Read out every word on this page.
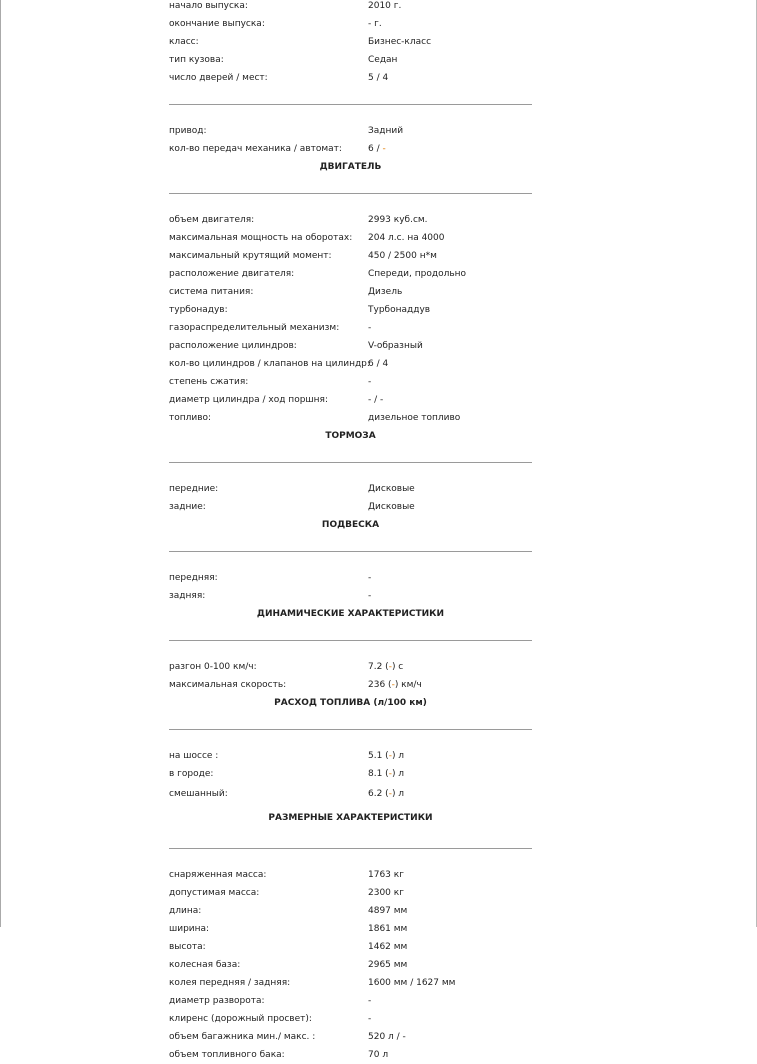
начало выпуска:	2010 г.
окончание выпуска:	- г.
класс:	Бизнес-класс
тип кузова:	Седан
число дверей / мест:	5 / 4

привод:	Задний
кол-во передач механика / автомат:	6 / -
ДВИГАТЕЛЬ	

объем двигателя:	2993 куб.см.
максимальная мощность на оборотах:	204 л.с. на 4000
максимальный крутящий момент:	450 / 2500 н*м
расположение двигателя:	Спереди, продольно
система питания:	Дизель
турбонадув:	Турбонаддув
газораспределительный механизм:	-
расположение цилиндров:	V-образный
кол-во цилиндров / клапанов на цилиндр:	6 / 4
степень сжатия:	-
диаметр цилиндра / ход поршня:	- / -
топливо:	дизельное топливо
ТОРМОЗА	

передние:	Дисковые
задние:	Дисковые
ПОДВЕСКА	

передняя:	-
задняя:	-
ДИНАМИЧЕСКИЕ ХАРАКТЕРИСТИКИ	

разгон 0-100 км/ч:	7.2 (-) с
максимальная скорость:	236 (-) км/ч
РАСХОД ТОПЛИВА (л/100 км)	

на шоссе :	5.1 (-) л
в городе:	8.1 (-) л
смешанный:	6.2 (-) л
РАЗМЕРНЫЕ ХАРАКТЕРИСТИКИ	

снаряженная масса:	1763 кг
допустимая масса:	2300 кг
длина:	4897 мм
ширина:	1861 мм
высота:	1462 мм
колесная база:	2965 мм
колея передняя / задняя:	1600 мм / 1627 мм
диаметр разворота:	-
клиренс (дорожный просвет):	-
объем багажника мин./ макс. :	520 л / -
объем топливного бака:	70 л
